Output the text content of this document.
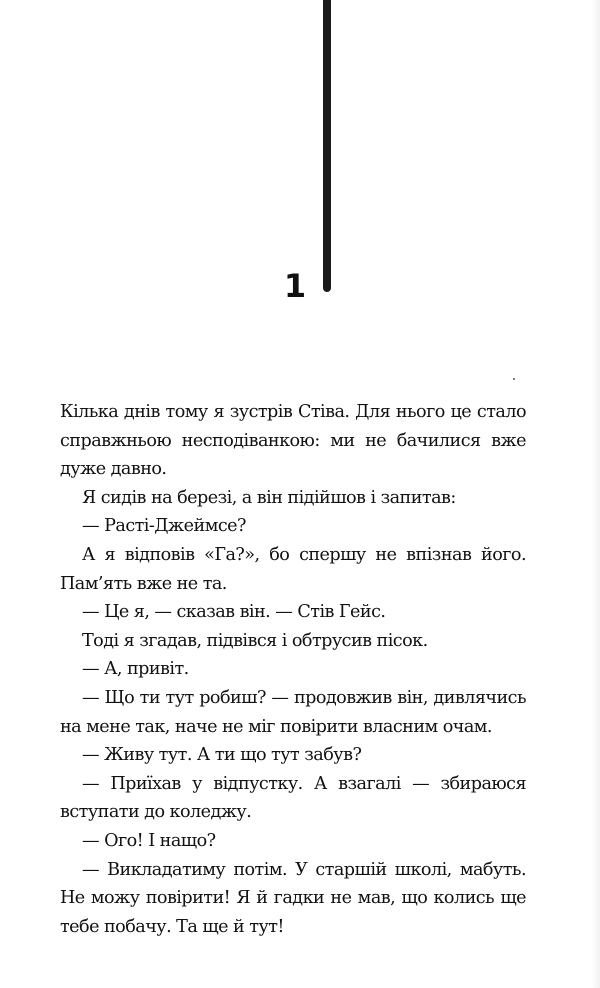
1
Кілька днів тому я зустрів Стіва. Для нього це стало
справжньою несподіванкою: ми не бачилися вже
дуже давно.
Я сидів на березі, а він підійшов і запитав:
— Расті-Джеймсе?
А я відповів «Га?», бо спершу не впізнав його.
Пам’ять вже не та.
— Це я, — сказав він. — Стів Гейс.
Тоді я згадав, підвівся і обтрусив пісок.
— А, привіт.
— Що ти тут робиш? — продовжив він, дивлячись
на мене так, наче не міг повірити власним очам.
— Живу тут. А ти що тут забув?
— Приїхав у відпустку. А взагалі — збираюся
вступати до коледжу.
— Ого! І нащо?
— Викладатиму потім. У старшій школі, мабуть.
Не можу повірити! Я й гадки не мав, що колись ще
тебе побачу. Та ще й тут!
